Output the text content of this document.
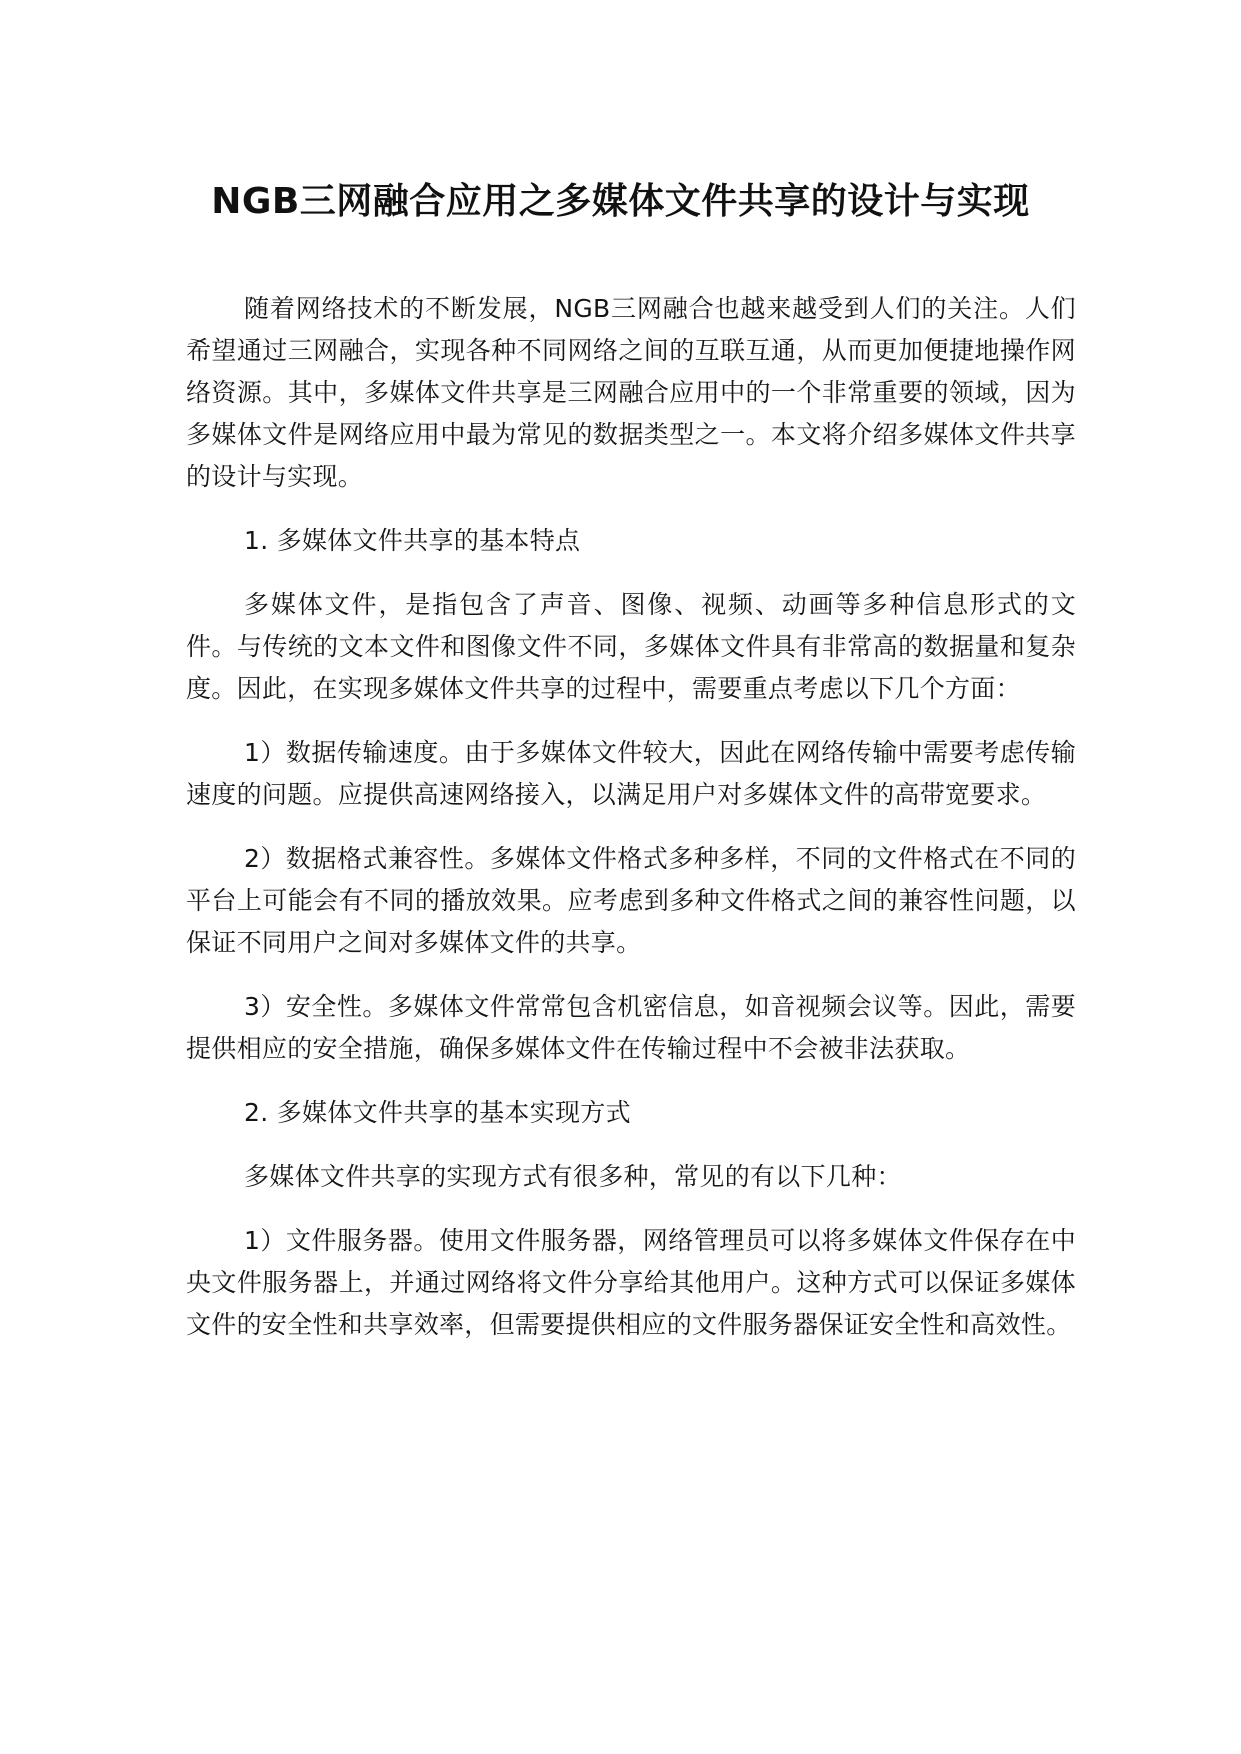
NGB三网融合应用之多媒体文件共享的设计与实现

随着网络技术的不断发展，NGB三网融合也越来越受到人们的关注。人们希望通过三网融合，实现各种不同网络之间的互联互通，从而更加便捷地操作网络资源。其中，多媒体文件共享是三网融合应用中的一个非常重要的领域，因为多媒体文件是网络应用中最为常见的数据类型之一。本文将介绍多媒体文件共享的设计与实现。

1. 多媒体文件共享的基本特点

多媒体文件，是指包含了声音、图像、视频、动画等多种信息形式的文件。与传统的文本文件和图像文件不同，多媒体文件具有非常高的数据量和复杂度。因此，在实现多媒体文件共享的过程中，需要重点考虑以下几个方面：

1）数据传输速度。由于多媒体文件较大，因此在网络传输中需要考虑传输速度的问题。应提供高速网络接入，以满足用户对多媒体文件的高带宽要求。

2）数据格式兼容性。多媒体文件格式多种多样，不同的文件格式在不同的平台上可能会有不同的播放效果。应考虑到多种文件格式之间的兼容性问题，以保证不同用户之间对多媒体文件的共享。

3）安全性。多媒体文件常常包含机密信息，如音视频会议等。因此，需要提供相应的安全措施，确保多媒体文件在传输过程中不会被非法获取。

2. 多媒体文件共享的基本实现方式

多媒体文件共享的实现方式有很多种，常见的有以下几种：

1）文件服务器。使用文件服务器，网络管理员可以将多媒体文件保存在中央文件服务器上，并通过网络将文件分享给其他用户。这种方式可以保证多媒体文件的安全性和共享效率，但需要提供相应的文件服务器保证安全性和高效性。
